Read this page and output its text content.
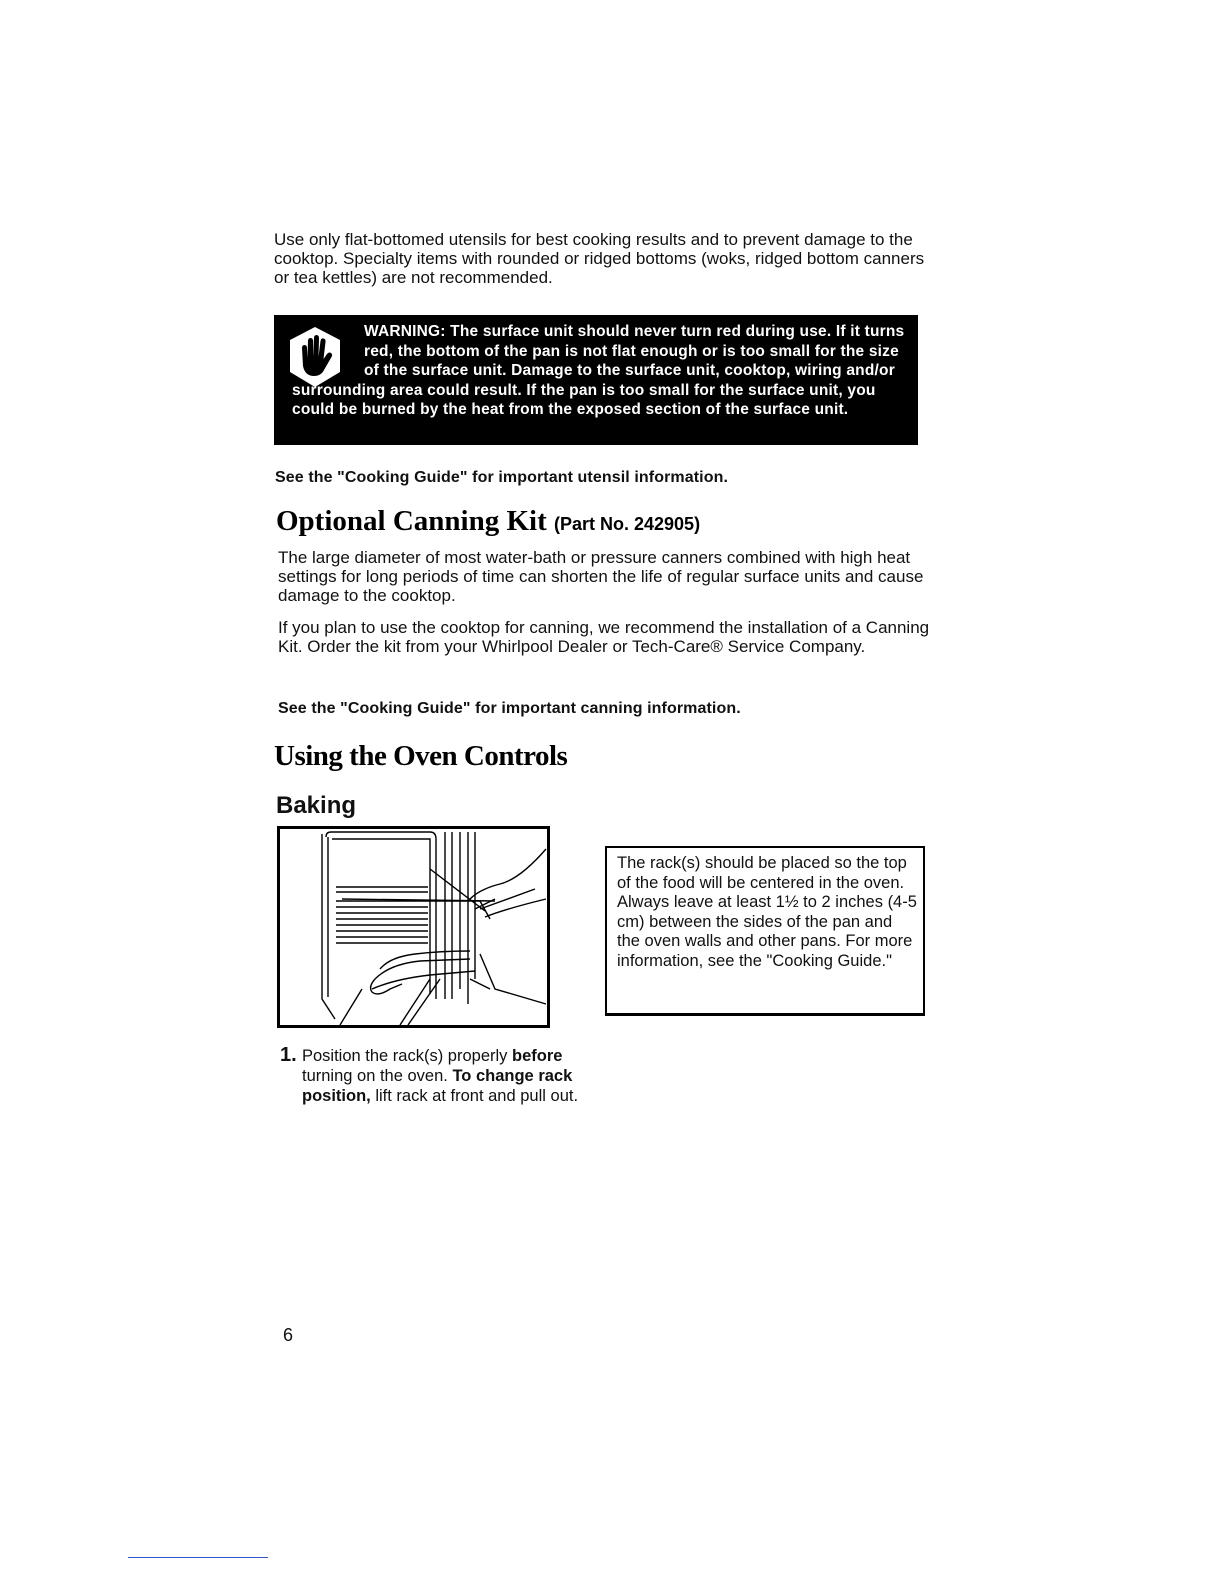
Use only flat-bottomed utensils for best cooking results and to prevent damage to the cooktop. Specialty items with rounded or ridged bottoms (woks, ridged bottom canners or tea kettles) are not recommended.
WARNING: The surface unit should never turn red during use. If it turns red, the bottom of the pan is not flat enough or is too small for the size of the surface unit. Damage to the surface unit, cooktop, wiring and/or surrounding area could result. If the pan is too small for the surface unit, you could be burned by the heat from the exposed section of the surface unit.
See the "Cooking Guide" for important utensil information.
Optional Canning Kit (Part No. 242905)
The large diameter of most water-bath or pressure canners combined with high heat settings for long periods of time can shorten the life of regular surface units and cause damage to the cooktop.
If you plan to use the cooktop for canning, we recommend the installation of a Canning Kit. Order the kit from your Whirlpool Dealer or Tech-Care® Service Company.
See the "Cooking Guide" for important canning information.
Using the Oven Controls
Baking
The rack(s) should be placed so the top of the food will be centered in the oven. Always leave at least 1½ to 2 inches (4-5 cm) between the sides of the pan and the oven walls and other pans. For more information, see the "Cooking Guide."
1. Position the rack(s) properly before turning on the oven. To change rack position, lift rack at front and pull out.
6
